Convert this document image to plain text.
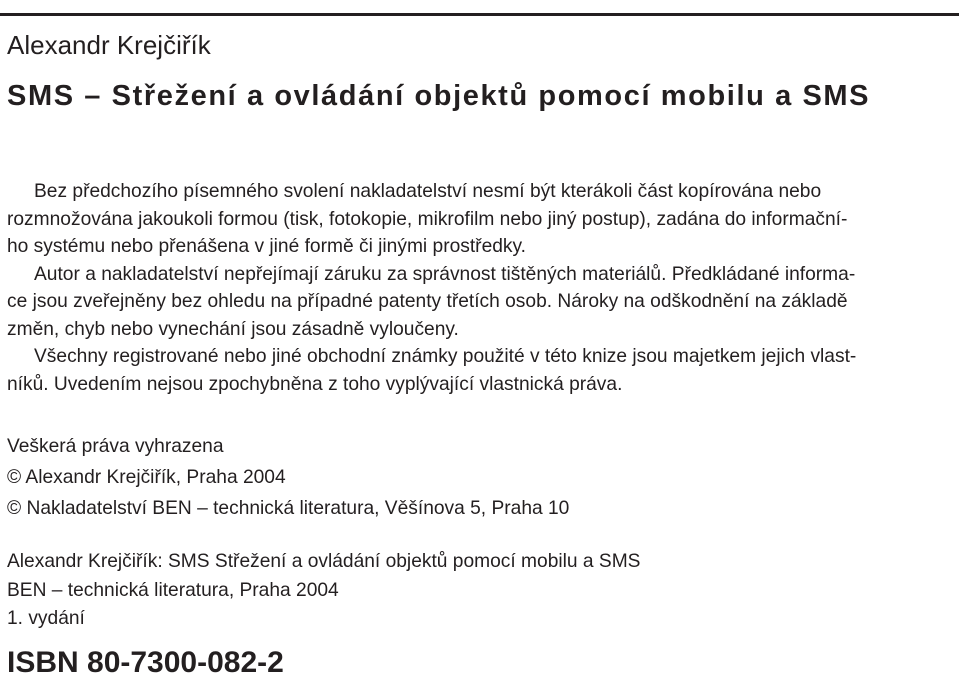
Alexandr Krejčiřík
SMS – Střežení a ovládání objektů pomocí mobilu a SMS

Bez předchozího písemného svolení nakladatelství nesmí být kterákoli část kopírována nebo
rozmnožována jakoukoli formou (tisk, fotokopie, mikrofilm nebo jiný postup), zadána do informační-
ho systému nebo přenášena v jiné formě či jinými prostředky.

Autor a nakladatelství nepřejímají záruku za správnost tištěných materiálů. Předkládané informa-
ce jsou zveřejněny bez ohledu na případné patenty třetích osob. Nároky na odškodnění na základě
změn, chyb nebo vynechání jsou zásadně vyloučeny.

Všechny registrované nebo jiné obchodní známky použité v této knize jsou majetkem jejich vlast-
níků. Uvedením nejsou zpochybněna z toho vyplývající vlastnická práva.

Veškerá práva vyhrazena
© Alexandr Krejčiřík, Praha 2004
© Nakladatelství BEN – technická literatura, Věšínova 5, Praha 10
Alexandr Krejčiřík: SMS Střežení a ovládání objektů pomocí mobilu a SMS
BEN – technická literatura, Praha 2004
1. vydání

ISBN 80-7300-082-2
